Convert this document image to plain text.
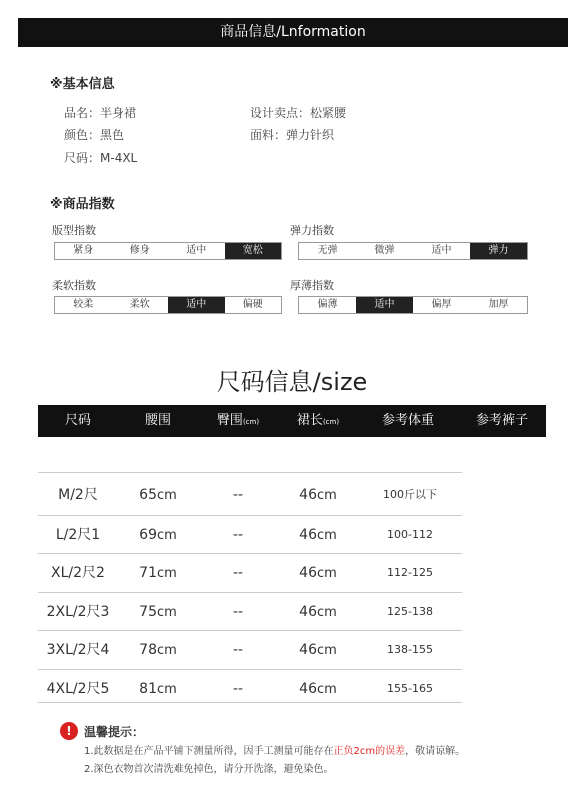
商品信息/Lnformation
※基本信息
品名：半身裙	设计卖点：松紧腰
颜色：黑色	面料：弹力针织
尺码：M-4XL
※商品指数
版型指数
紧身	修身	适中	宽松
弹力指数
无弹	微弹	适中	弹力
柔软指数
较柔	柔软	适中	偏硬
厚薄指数
偏薄	适中	偏厚	加厚
尺码信息/size
尺码	腰围	臀围(cm)	裙长(cm)	参考体重	参考裤子
M/2尺	65cm	--	46cm	100斤以下
L/2尺1	69cm	--	46cm	100-112
XL/2尺2	71cm	--	46cm	112-125
2XL/2尺3	75cm	--	46cm	125-138
3XL/2尺4	78cm	--	46cm	138-155
4XL/2尺5	81cm	--	46cm	155-165
!	温馨提示：
1.此数据是在产品平铺下测量所得，因手工测量可能存在正负2cm的误差，敬请谅解。
2.深色衣物首次清洗难免掉色，请分开洗涤，避免染色。
